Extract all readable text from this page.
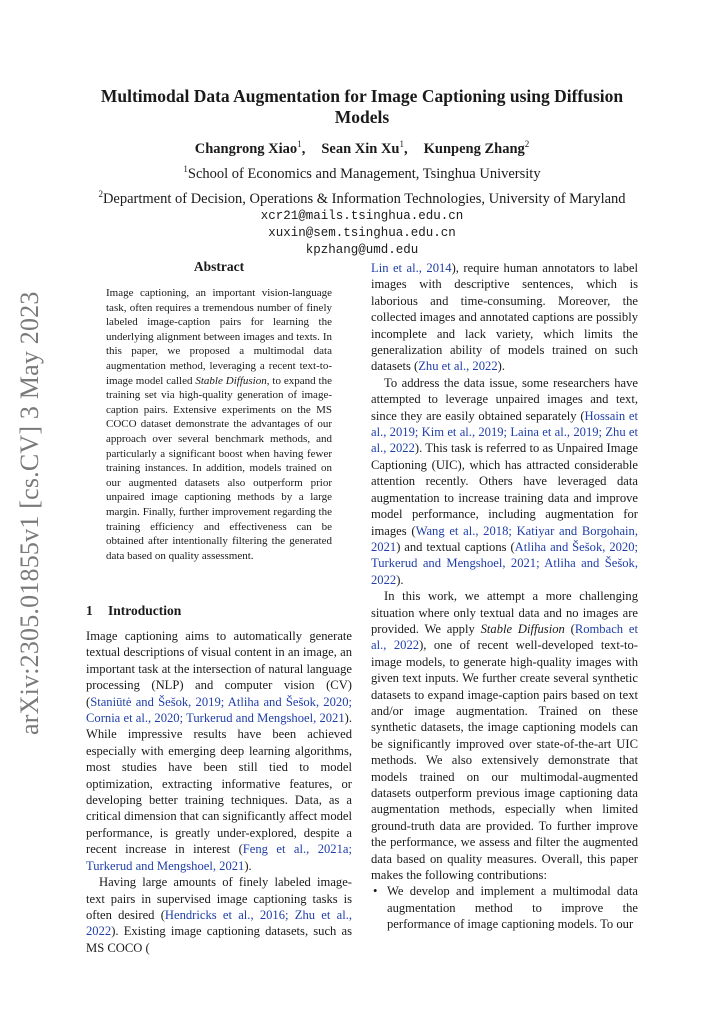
arXiv:2305.01855v1 [cs.CV] 3 May 2023
Multimodal Data Augmentation for Image Captioning using Diffusion Models
Changrong Xiao$^1$, Sean Xin Xu$^1$, Kunpeng Zhang$^2$
$^1$School of Economics and Management, Tsinghua University
$^2$Department of Decision, Operations & Information Technologies, University of Maryland
xcr21@mails.tsinghua.edu.cn
xuxin@sem.tsinghua.edu.cn
kpzhang@umd.edu
Abstract

Image captioning, an important vision-language task, often requires a tremendous number of finely labeled image-caption pairs for learning the underlying alignment between images and texts. In this paper, we proposed a multimodal data augmentation method, leveraging a recent text-to-image model called Stable Diffusion, to expand the training set via high-quality generation of image-caption pairs. Extensive experiments on the MS COCO dataset demonstrate the advantages of our approach over several benchmark methods, and particularly a significant boost when having fewer training instances. In addition, models trained on our augmented datasets also outperform prior unpaired image captioning methods by a large margin. Finally, further improvement regarding the training efficiency and effectiveness can be obtained after intentionally filtering the generated data based on quality assessment.

1 Introduction

Image captioning aims to automatically generate textual descriptions of visual content in an image, an important task at the intersection of natural language processing (NLP) and computer vision (CV) (Staniūtė and Šešok, 2019; Atliha and Šešok, 2020; Cornia et al., 2020; Turkerud and Mengshoel, 2021). While impressive results have been achieved especially with emerging deep learning algorithms, most studies have been still tied to model optimization, extracting informative features, or developing better training techniques. Data, as a critical dimension that can significantly affect model performance, is greatly under-explored, despite a recent increase in interest (Feng et al., 2021a; Turkerud and Mengshoel, 2021).

Having large amounts of finely labeled image-text pairs in supervised image captioning tasks is often desired (Hendricks et al., 2016; Zhu et al., 2022). Existing image captioning datasets, such as MS COCO (

Lin et al., 2014), require human annotators to label images with descriptive sentences, which is laborious and time-consuming. Moreover, the collected images and annotated captions are possibly incomplete and lack variety, which limits the generalization ability of models trained on such datasets (Zhu et al., 2022).

To address the data issue, some researchers have attempted to leverage unpaired images and text, since they are easily obtained separately (Hossain et al., 2019; Kim et al., 2019; Laina et al., 2019; Zhu et al., 2022). This task is referred to as Unpaired Image Captioning (UIC), which has attracted considerable attention recently. Others have leveraged data augmentation to increase training data and improve model performance, including augmentation for images (Wang et al., 2018; Katiyar and Borgohain, 2021) and textual captions (Atliha and Šešok, 2020; Turkerud and Mengshoel, 2021; Atliha and Šešok, 2022).

In this work, we attempt a more challenging situation where only textual data and no images are provided. We apply Stable Diffusion (Rombach et al., 2022), one of recent well-developed text-to-image models, to generate high-quality images with given text inputs. We further create several synthetic datasets to expand image-caption pairs based on text and/or image augmentation. Trained on these synthetic datasets, the image captioning models can be significantly improved over state-of-the-art UIC methods. We also extensively demonstrate that models trained on our multimodal-augmented datasets outperform previous image captioning data augmentation methods, especially when limited ground-truth data are provided. To further improve the performance, we assess and filter the augmented data based on quality measures. Overall, this paper makes the following contributions:

• We develop and implement a multimodal data augmentation method to improve the performance of image captioning models. To our
